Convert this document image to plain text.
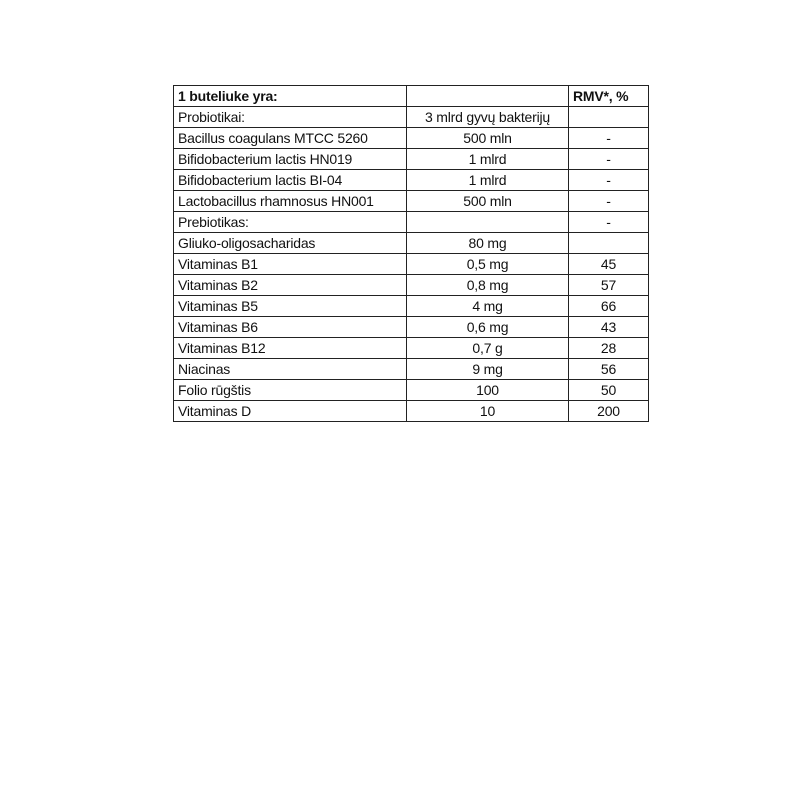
1 buteliuke yra:		RMV*, %
Probiotikai:	3 mlrd gyvų bakterijų	
Bacillus coagulans MTCC 5260	500 mln	-
Bifidobacterium lactis HN019	1 mlrd	-
Bifidobacterium lactis BI-04	1 mlrd	-
Lactobacillus rhamnosus HN001	500 mln	-
Prebiotikas:		-
Gliuko-oligosacharidas	80 mg	
Vitaminas B1	0,5 mg	45
Vitaminas B2	0,8 mg	57
Vitaminas B5	4 mg	66
Vitaminas B6	0,6 mg	43
Vitaminas B12	0,7 g	28
Niacinas	9 mg	56
Folio rūgštis	100	50
Vitaminas D	10	200
